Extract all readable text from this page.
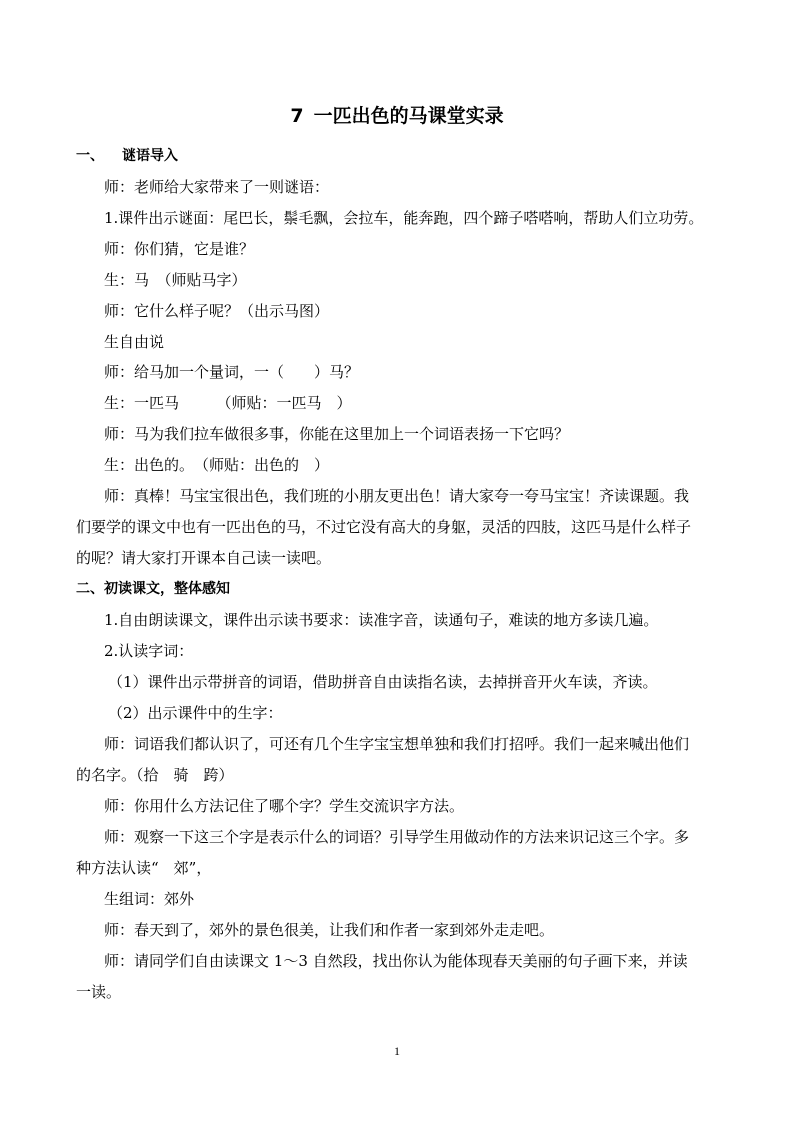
7 一匹出色的马课堂实录
一、 谜语导入
师：老师给大家带来了一则谜语：
1.课件出示谜面：尾巴长，鬃毛飘，会拉车，能奔跑，四个蹄子嗒嗒响，帮助人们立功劳。
师：你们猜，它是谁？
生：马　（师贴马字）
师：它什么样子呢？（出示马图）
生自由说
师：给马加一个量词，一（　　）马？
生：一匹马　　　（师贴：一匹马　）
师：马为我们拉车做很多事，你能在这里加上一个词语表扬一下它吗？
生：出色的。　（师贴：出色的　）
师：真棒！马宝宝很出色，我们班的小朋友更出色！请大家夸一夸马宝宝！齐读课题。我
们要学的课文中也有一匹出色的马，不过它没有高大的身躯，灵活的四肢，这匹马是什么样子
的呢？请大家打开课本自己读一读吧。
二、初读课文，整体感知
1.自由朗读课文，课件出示读书要求：读准字音，读通句子，难读的地方多读几遍。
2.认读字词：
（1）课件出示带拼音的词语，借助拼音自由读指名读，去掉拼音开火车读，齐读。
（2）出示课件中的生字：
师：词语我们都认识了，可还有几个生字宝宝想单独和我们打招呼。我们一起来喊出他们
的名字。（拾　骑　跨）
师：你用什么方法记住了哪个字？学生交流识字方法。
师：观察一下这三个字是表示什么的词语？引导学生用做动作的方法来识记这三个字。多
种方法认读“　郊”，
生组词：郊外
师：春天到了，郊外的景色很美，让我们和作者一家到郊外走走吧。
师：请同学们自由读课文 1～3 自然段，找出你认为能体现春天美丽的句子画下来，并读
一读。
1
